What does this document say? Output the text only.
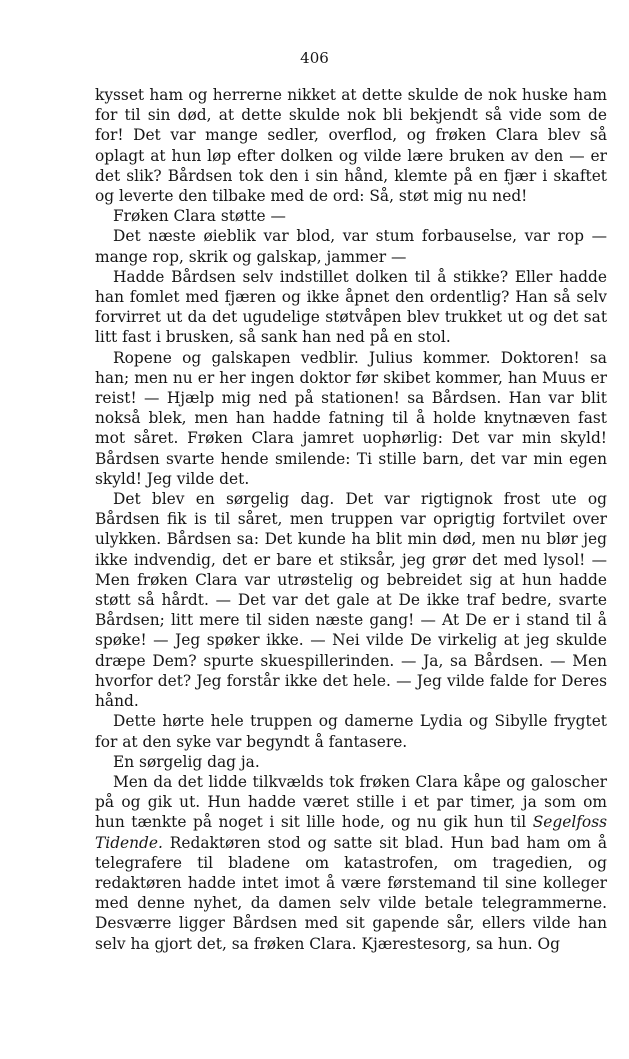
406

kysset ham og herrerne nikket at dette skulde de nok huske ham for til sin død, at dette skulde nok bli bekjendt så vide som de for! Det var mange sedler, overflod, og frøken Clara blev så oplagt at hun løp efter dolken og vilde lære bruken av den — er det slik? Bårdsen tok den i sin hånd, klemte på en fjær i skaftet og leverte den tilbake med de ord: Så, støt mig nu ned!

Frøken Clara støtte —

Det næste øieblik var blod, var stum forbauselse, var rop — mange rop, skrik og galskap, jammer —

Hadde Bårdsen selv indstillet dolken til å stikke? Eller hadde han fomlet med fjæren og ikke åpnet den ordentlig? Han så selv forvirret ut da det ugudelige støtvåpen blev trukket ut og det sat litt fast i brusken, så sank han ned på en stol.

Ropene og galskapen vedblir. Julius kommer. Doktoren! sa han; men nu er her ingen doktor før skibet kommer, han Muus er reist! — Hjælp mig ned på stationen! sa Bårdsen. Han var blit nokså blek, men han hadde fatning til å holde knytnæven fast mot såret. Frøken Clara jamret uophørlig: Det var min skyld! Bårdsen svarte hende smilende: Ti stille barn, det var min egen skyld! Jeg vilde det.

Det blev en sørgelig dag. Det var rigtignok frost ute og Bårdsen fik is til såret, men truppen var oprigtig fortvilet over ulykken. Bårdsen sa: Det kunde ha blit min død, men nu blør jeg ikke indvendig, det er bare et stiksår, jeg grør det med lysol! — Men frøken Clara var utrøstelig og bebreidet sig at hun hadde støtt så hårdt. — Det var det gale at De ikke traf bedre, svarte Bårdsen; litt mere til siden næste gang! — At De er i stand til å spøke! — Jeg spøker ikke. — Nei vilde De virkelig at jeg skulde dræpe Dem? spurte skuespillerinden. — Ja, sa Bårdsen. — Men hvorfor det? Jeg forstår ikke det hele. — Jeg vilde falde for Deres hånd.

Dette hørte hele truppen og damerne Lydia og Sibylle frygtet for at den syke var begyndt å fantasere.

En sørgelig dag ja.

Men da det lidde tilkvælds tok frøken Clara kåpe og galoscher på og gik ut. Hun hadde været stille i et par timer, ja som om hun tænkte på noget i sit lille hode, og nu gik hun til Segelfoss Tidende. Redaktøren stod og satte sit blad. Hun bad ham om å telegrafere til bladene om katastrofen, om tragedien, og redaktøren hadde intet imot å være førstemand til sine kolleger med denne nyhet, da damen selv vilde betale telegrammerne. Desværre ligger Bårdsen med sit gapende sår, ellers vilde han selv ha gjort det, sa frøken Clara. Kjærestesorg, sa hun. Og
